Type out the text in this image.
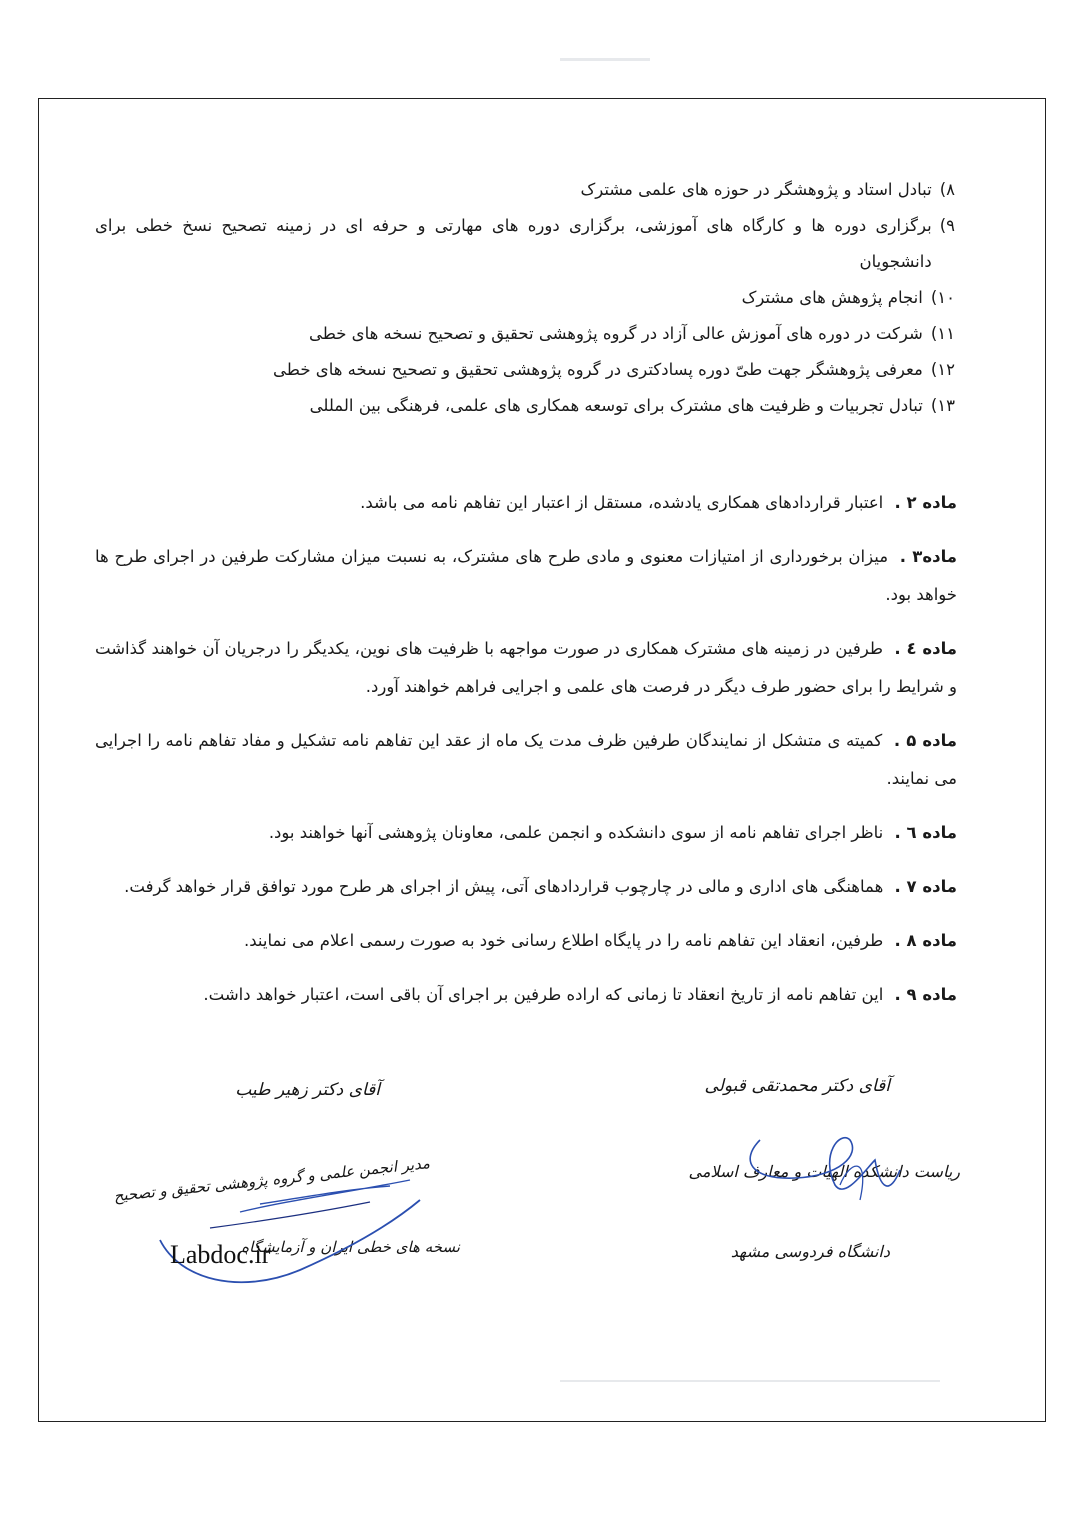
۸)
تبادل استاد و پژوهشگر در حوزه های علمی مشترک
۹)
برگزاری دوره ها و کارگاه های آموزشی، برگزاری دوره های مهارتی و حرفه ای در زمینه تصحیح نسخ خطی برای دانشجویان
۱۰)
انجام پژوهش های مشترک
۱۱)
شرکت در دوره های آموزش عالی آزاد در گروه پژوهشی تحقیق و تصحیح نسخه های خطی
۱۲)
معرفی پژوهشگر جهت طیّ دوره پسادکتری در گروه پژوهشی تحقیق و تصحیح نسخه های خطی
۱۳)
تبادل تجربیات و ظرفیت های مشترک برای توسعه همکاری های علمی، فرهنگی بین المللی
ماده ۲ . اعتبار قراردادهای همکاری یادشده، مستقل از اعتبار این تفاهم نامه می باشد.
ماده۳ . میزان برخورداری از امتیازات معنوی و مادی طرح های مشترک، به نسبت میزان مشارکت طرفین در اجرای طرح ها خواهد بود.
ماده ٤ . طرفین در زمینه های مشترک همکاری در صورت مواجهه با ظرفیت های نوین، یکدیگر را درجریان آن خواهند گذاشت و شرایط را برای حضور طرف دیگر در فرصت های علمی و اجرایی فراهم خواهند آورد.
ماده ۵ . کمیته ی متشکل از نمایندگان طرفین ظرف مدت یک ماه از عقد این تفاهم نامه تشکیل و مفاد تفاهم نامه را اجرایی می نمایند.
ماده ٦ . ناظر اجرای تفاهم نامه از سوی دانشکده و انجمن علمی، معاونان پژوهشی آنها خواهند بود.
ماده ۷ . هماهنگی های اداری و مالی در چارچوب قراردادهای آتی، پیش از اجرای هر طرح مورد توافق قرار خواهد گرفت.
ماده ۸ . طرفین، انعقاد این تفاهم نامه را در پایگاه اطلاع رسانی خود به صورت رسمی اعلام می نمایند.
ماده ۹ . این تفاهم نامه از تاریخ انعقاد تا زمانی که اراده طرفین بر اجرای آن باقی است، اعتبار خواهد داشت.
آقای دکتر محمدتقی قبولی
ریاست دانشکده الهیات و معارف اسلامی
دانشگاه فردوسی مشهد
آقای دکتر زهیر طیب
مدیر انجمن علمی و گروه پژوهشی تحقیق و تصحیح
نسخه های خطی ایران و آزمایشگاه
Labdoc.ir
